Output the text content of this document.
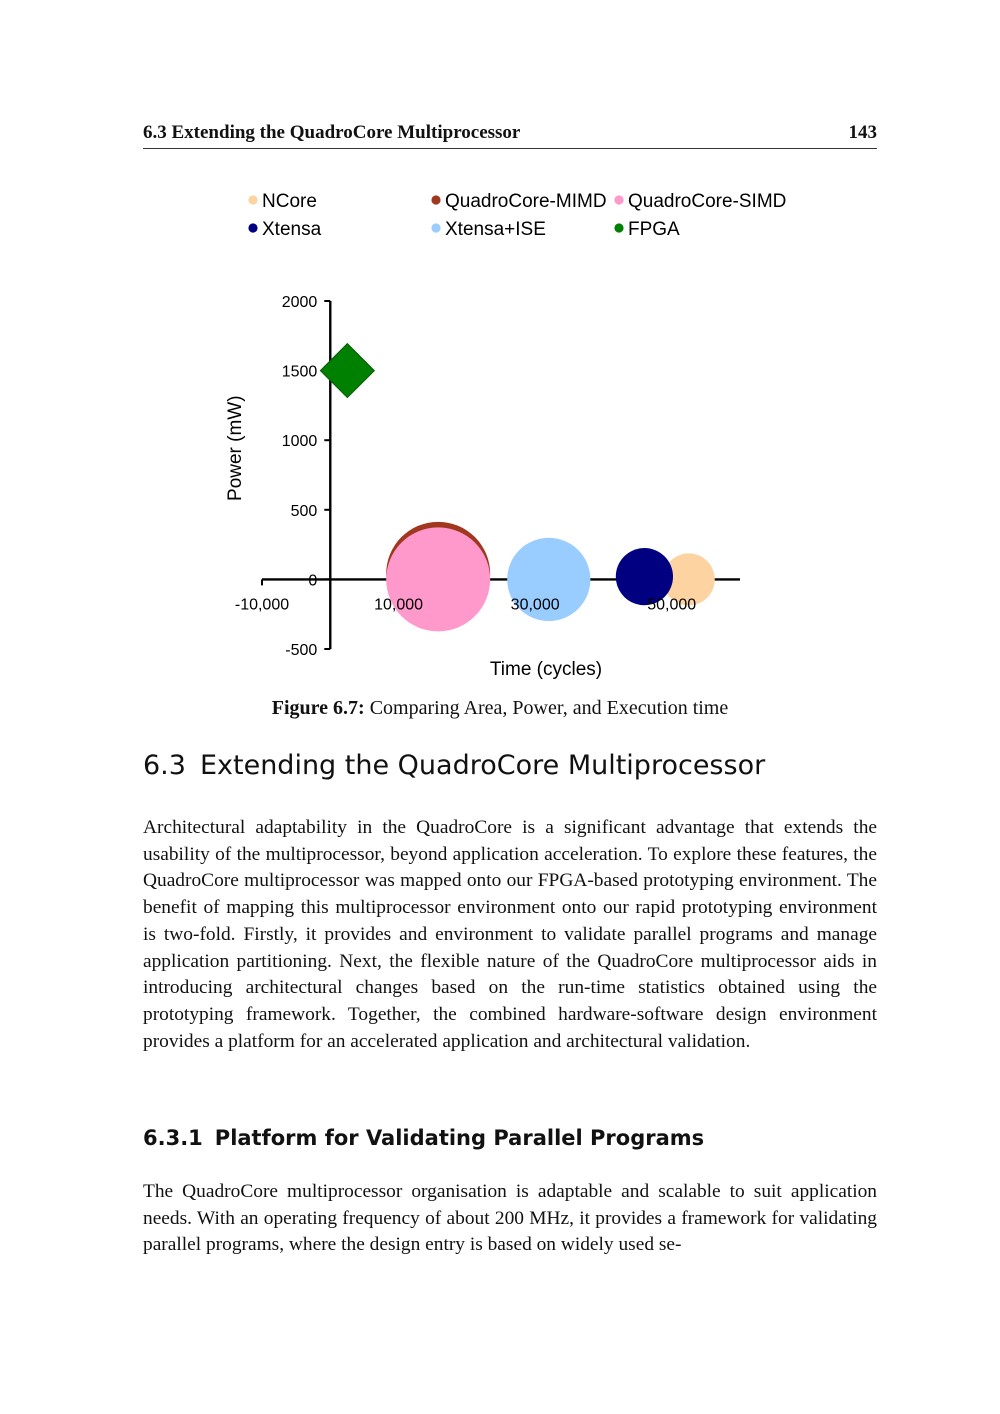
6.3 Extending the QuadroCore Multiprocessor	143
NCore	QuadroCore-MIMD QuadroCore-SIMD
Xtensa	Xtensa+ISE	FPGA
-500
0
500
1000
1500
2000
-10,000	10,000	30,000	50,000
Time (cycles)
Power (mW)
Figure 6.7: Comparing Area, Power, and Execution time
6.3 Extending the QuadroCore Multiprocessor
Architectural adaptability in the QuadroCore is a significant advantage that extends the usability of the multiprocessor, beyond application acceleration. To explore these features, the QuadroCore multiprocessor was mapped onto our FPGA-based prototyping environment. The benefit of mapping this multiprocessor environment onto our rapid prototyping environment is two-fold. Firstly, it provides and environment to validate parallel programs and manage application partitioning. Next, the flexible nature of the QuadroCore multiprocessor aids in introducing architectural changes based on the run-time statistics obtained using the prototyping framework. Together, the combined hardware-software design environment provides a platform for an accelerated application and architectural validation.
6.3.1 Platform for Validating Parallel Programs
The QuadroCore multiprocessor organisation is adaptable and scalable to suit application needs. With an operating frequency of about 200 MHz, it provides a framework for validating parallel programs, where the design entry is based on widely used se-
